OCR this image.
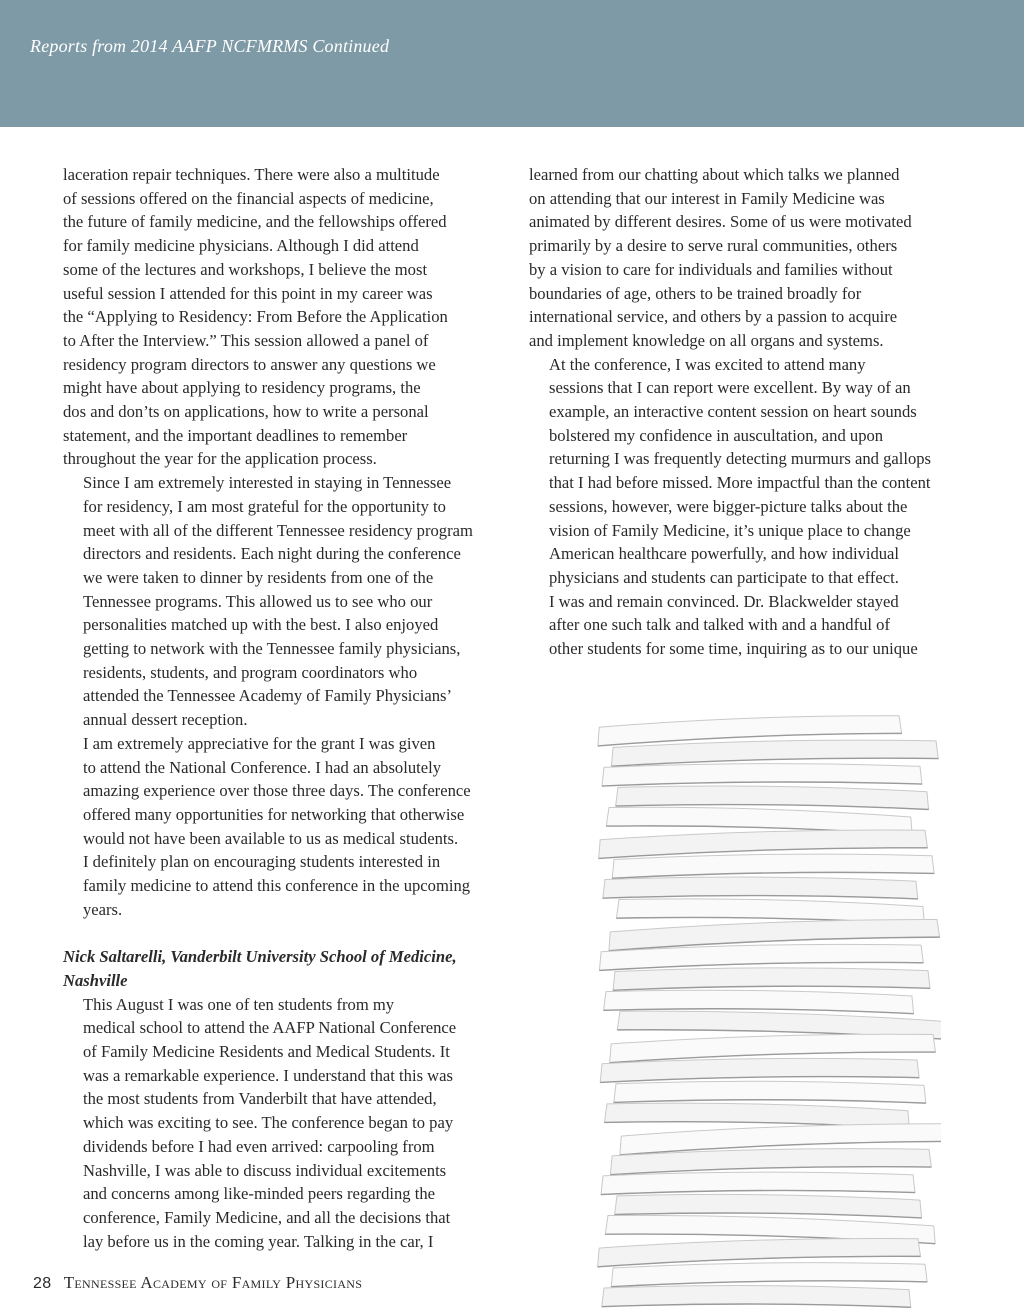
Reports from 2014 AAFP NCFMRMS Continued

laceration repair techniques. There were also a multitude
of sessions offered on the financial aspects of medicine,
the future of family medicine, and the fellowships offered
for family medicine physicians. Although I did attend
some of the lectures and workshops, I believe the most
useful session I attended for this point in my career was
the “Applying to Residency: From Before the Application
to After the Interview.” This session allowed a panel of
residency program directors to answer any questions we
might have about applying to residency programs, the
dos and don’ts on applications, how to write a personal
statement, and the important deadlines to remember
throughout the year for the application process.

Since I am extremely interested in staying in Tennessee
for residency, I am most grateful for the opportunity to
meet with all of the different Tennessee residency program
directors and residents. Each night during the conference
we were taken to dinner by residents from one of the
Tennessee programs. This allowed us to see who our
personalities matched up with the best. I also enjoyed
getting to network with the Tennessee family physicians,
residents, students, and program coordinators who
attended the Tennessee Academy of Family Physicians’
annual dessert reception.

I am extremely appreciative for the grant I was given
to attend the National Conference. I had an absolutely
amazing experience over those three days. The conference
offered many opportunities for networking that otherwise
would not have been available to us as medical students.
I definitely plan on encouraging students interested in
family medicine to attend this conference in the upcoming
years.

Nick Saltarelli, Vanderbilt University School of Medicine,
Nashville

This August I was one of ten students from my
medical school to attend the AAFP National Conference
of Family Medicine Residents and Medical Students. It
was a remarkable experience. I understand that this was
the most students from Vanderbilt that have attended,
which was exciting to see. The conference began to pay
dividends before I had even arrived: carpooling from
Nashville, I was able to discuss individual excitements
and concerns among like-minded peers regarding the
conference, Family Medicine, and all the decisions that
lay before us in the coming year. Talking in the car, I

learned from our chatting about which talks we planned
on attending that our interest in Family Medicine was
animated by different desires. Some of us were motivated
primarily by a desire to serve rural communities, others
by a vision to care for individuals and families without
boundaries of age, others to be trained broadly for
international service, and others by a passion to acquire
and implement knowledge on all organs and systems.

At the conference, I was excited to attend many
sessions that I can report were excellent. By way of an
example, an interactive content session on heart sounds
bolstered my confidence in auscultation, and upon
returning I was frequently detecting murmurs and gallops
that I had before missed. More impactful than the content
sessions, however, were bigger-picture talks about the
vision of Family Medicine, it’s unique place to change
American healthcare powerfully, and how individual
physicians and students can participate to that effect.
I was and remain convinced. Dr. Blackwelder stayed
after one such talk and talked with and a handful of
other students for some time, inquiring as to our unique

28 Tennessee Academy of Family Physicians
